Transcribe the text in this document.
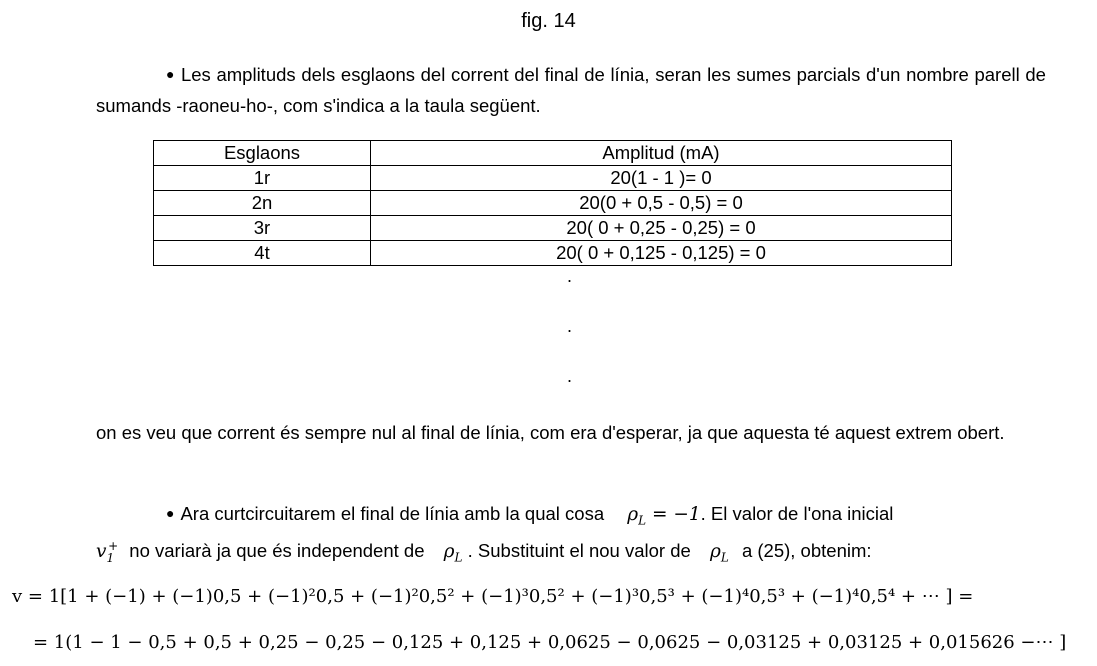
fig. 14
● Les amplituds dels esglaons del corrent del final de línia, seran les sumes parcials d'un nombre parell de sumands -raoneu-ho-, com s'indica a la taula següent.
Esglaons	Amplitud (mA)
1r	20(1 - 1 )= 0
2n	20(0 + 0,5 - 0,5) = 0
3r	20( 0 + 0,25 - 0,25) = 0
4t	20( 0 + 0,125 - 0,125) = 0
.
.
.
on es veu que corrent és sempre nul al final de línia, com era d'esperar, ja que aquesta té aquest extrem obert.
● Ara curtcircuitarem el final de línia amb la qual cosa $\rho_L = -1$. El valor de l'ona inicial
$v_1^+$ no variarà ja que és independent de $\rho_L$ . Substituint el nou valor de $\rho_L$ a (25), obtenim:
v = 1[1 + (−1) + (−1)0,5 + (−1)²0,5 + (−1)²0,5² + (−1)³0,5² + (−1)³0,5³ + (−1)⁴0,5³ + (−1)⁴0,5⁴ + ⋯ ] =
= 1(1 − 1 − 0,5 + 0,5 + 0,25 − 0,25 − 0,125 + 0,125 + 0,0625 − 0,0625 − 0,03125 + 0,03125 + 0,015626 −⋯ ]
